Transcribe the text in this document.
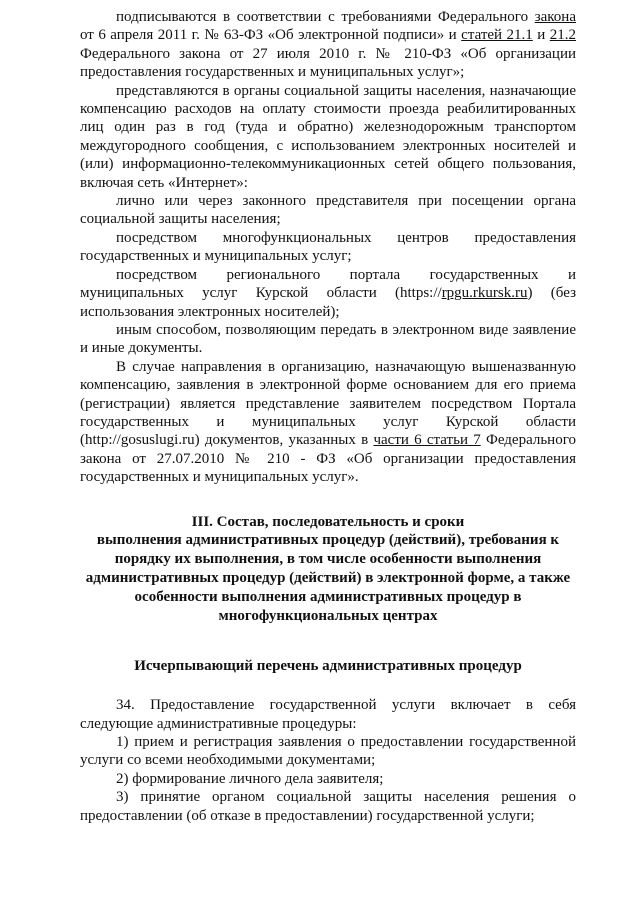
подписываются в соответствии с требованиями Федерального закона от 6 апреля 2011 г. № 63-ФЗ «Об электронной подписи» и статей 21.1 и 21.2 Федерального закона от 27 июля 2010 г. № 210-ФЗ «Об организации предоставления государственных и муниципальных услуг»;

представляются в органы социальной защиты населения, назначающие компенсацию расходов на оплату стоимости проезда реабилитированных лиц один раз в год (туда и обратно) железнодорожным транспортом междугородного сообщения, с использованием электронных носителей и (или) информационно-телекоммуникационных сетей общего пользования, включая сеть «Интернет»:

лично или через законного представителя при посещении органа социальной защиты населения;

посредством многофункциональных центров предоставления государственных и муниципальных услуг;

посредством регионального портала государственных и муниципальных услуг Курской области (https://rpgu.rkursk.ru) (без использования электронных носителей);

иным способом, позволяющим передать в электронном виде заявление и иные документы.

В случае направления в организацию, назначающую вышеназванную компенсацию, заявления в электронной форме основанием для его приема (регистрации) является представление заявителем посредством Портала государственных и муниципальных услуг Курской области (http://gosuslugi.ru) документов, указанных в части 6 статьи 7 Федерального закона от 27.07.2010 № 210 - ФЗ «Об организации предоставления государственных и муниципальных услуг».

III. Состав, последовательность и сроки

выполнения административных процедур (действий), требования к

порядку их выполнения, в том числе особенности выполнения

административных процедур (действий) в электронной форме, а также

особенности выполнения административных процедур в

многофункциональных центрах

Исчерпывающий перечень административных процедур

34. Предоставление государственной услуги включает в себя следующие административные процедуры:

1) прием и регистрация заявления о предоставлении государственной услуги со всеми необходимыми документами;

2) формирование личного дела заявителя;

3) принятие органом социальной защиты населения решения о предоставлении (об отказе в предоставлении) государственной услуги;
